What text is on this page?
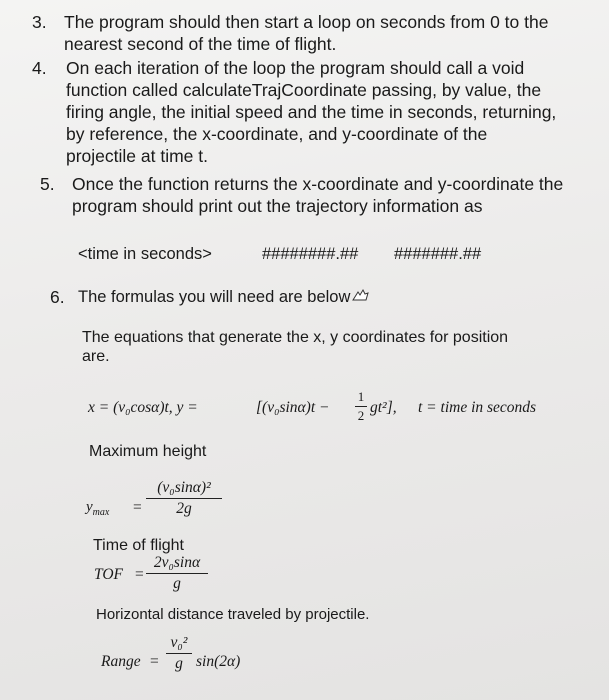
3. The program should then start a loop on seconds from 0 to the
nearest second of the time of flight.
4. On each iteration of the loop the program should call a void
function called calculateTrajCoordinate passing, by value, the
firing angle, the initial speed and the time in seconds, returning,
by reference, the x-coordinate, and y-coordinate of the
projectile at time t.
5. Once the function returns the x-coordinate and y-coordinate the
program should print out the trajectory information as
<time in seconds>	########.## #######.##
6. The formulas you will need are below
The equations that generate the x, y coordinates for position
are.
x = (v₀cosα)t, y =	[(v₀sinα)t −
1
2 gt²], t = time in seconds
Maximum height
$y_{max}$ =
(v₀sinα)²
2g
Time of flight
TOF =
2v₀sinα
g
Horizontal distance traveled by projectile.
Range =
v₀²
g sin(2α)
